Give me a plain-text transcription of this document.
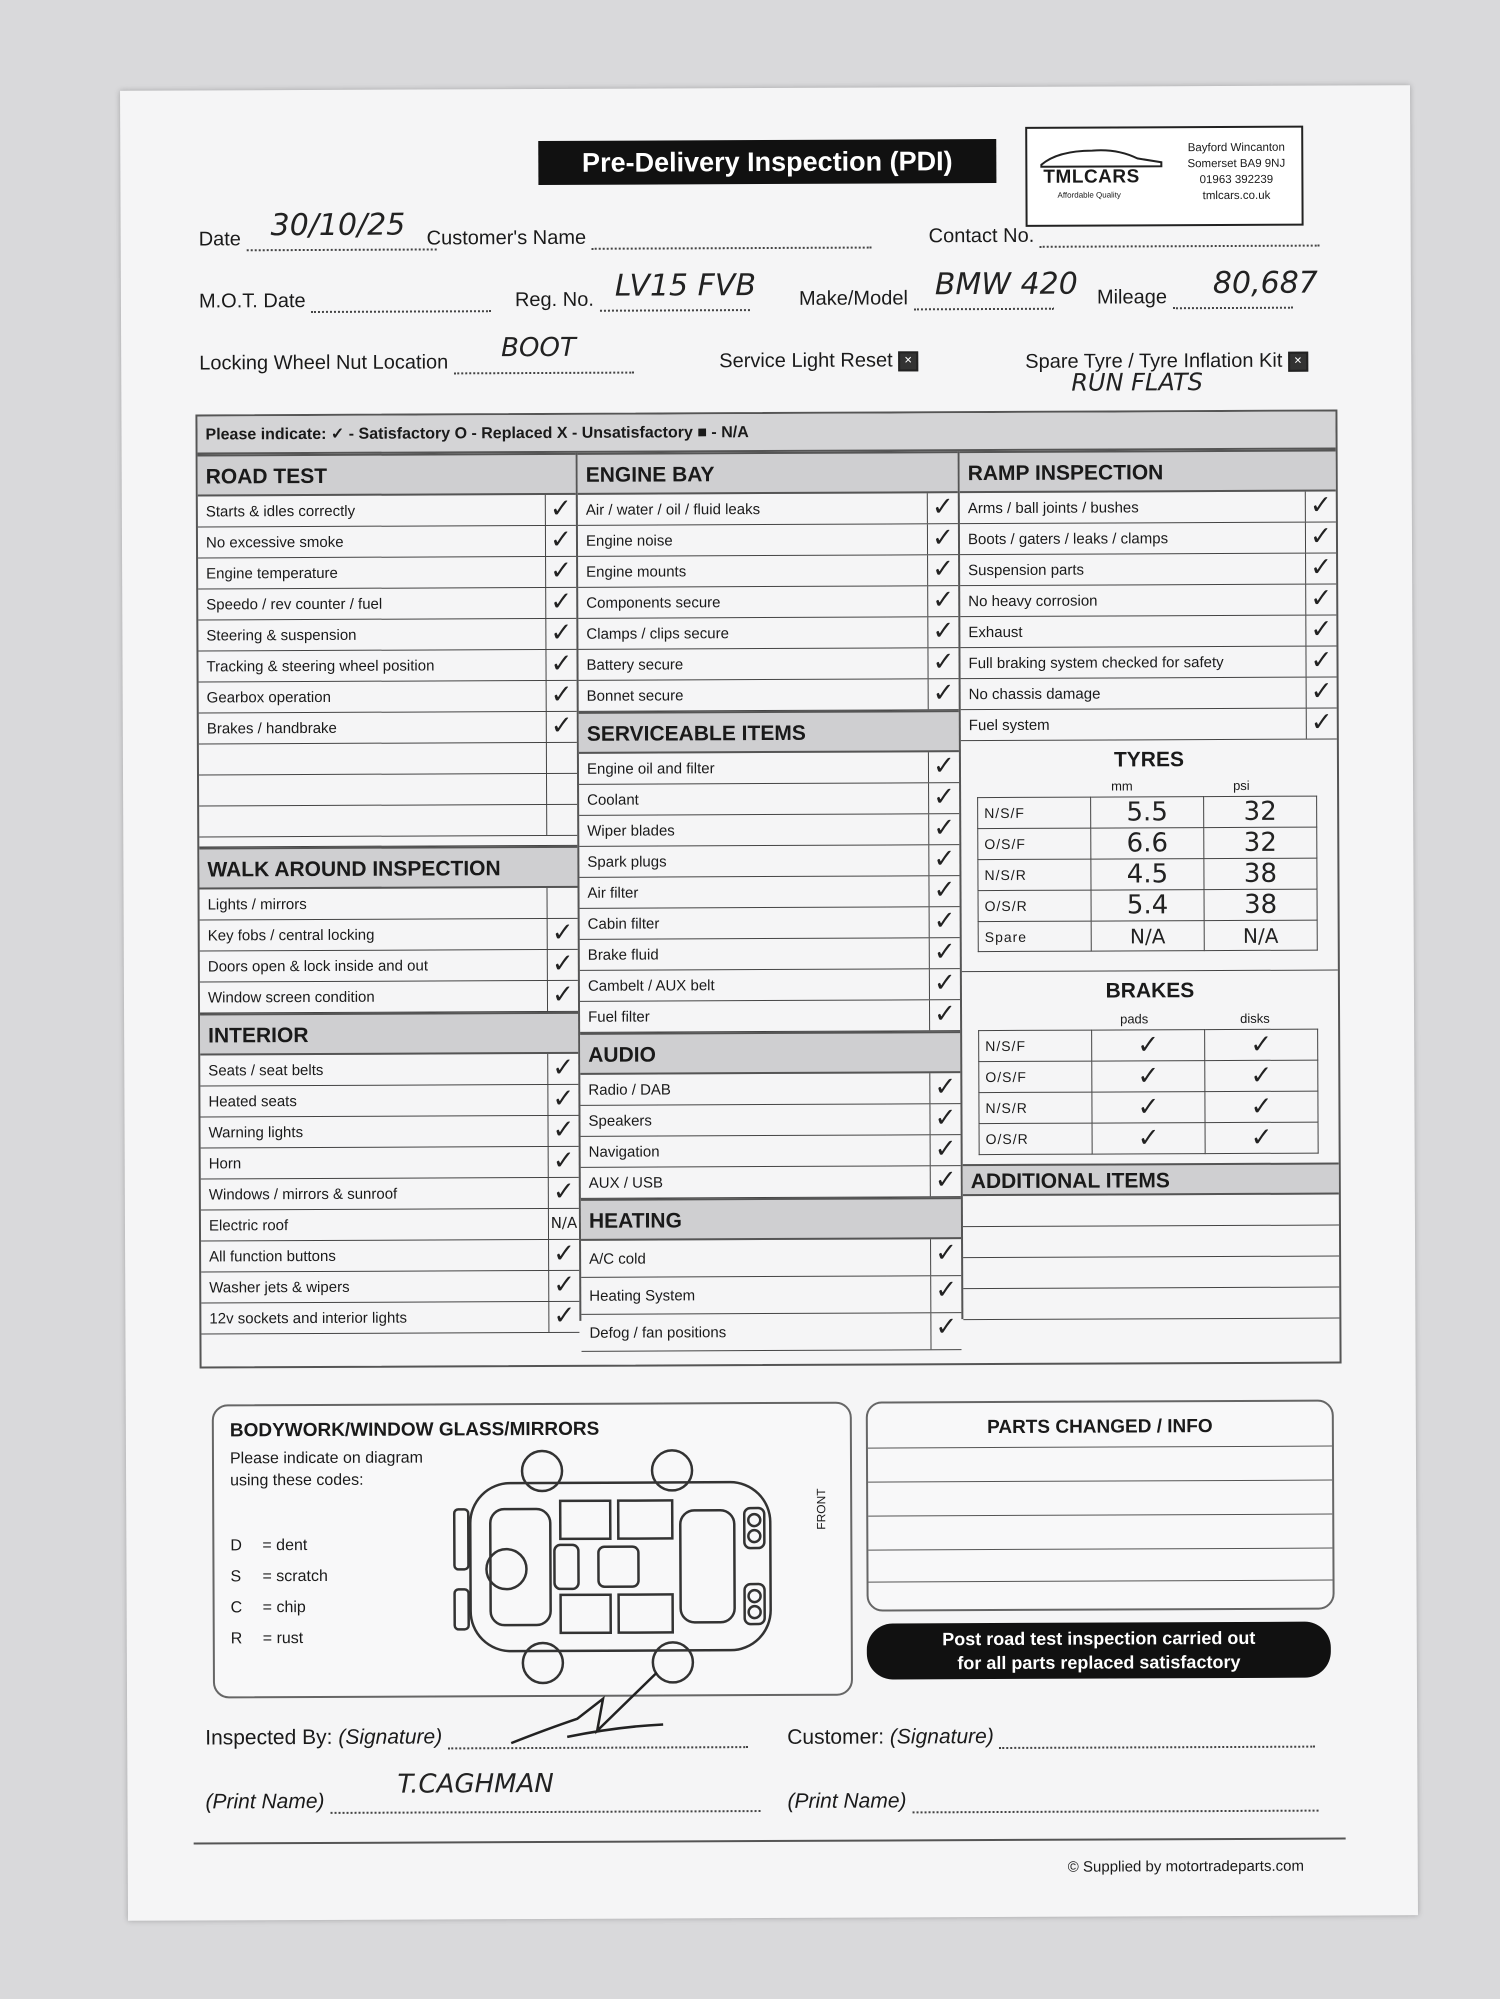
Pre-Delivery Inspection (PDI)	TMLCARS
Affordable Quality
Bayford Wincanton
Somerset BA9 9NJ
01963 392239
tmlcars.co.uk
Date 30/10/25 Customer's Name	Contact No.
M.O.T. Date	Reg. No. LV15 FVB Make/Model BMW 420 Mileage	80,687
Locking Wheel Nut Location	BOOT	Service Light Reset ✕	Spare Tyre / Tyre Inflation Kit ✕
RUN FLATS
Please indicate: ✓ - Satisfactory O - Replaced X - Unsatisfactory ■ - N/A
ROAD TEST
Starts & idles correctly	✓
No excessive smoke	✓
Engine temperature	✓
Speedo / rev counter / fuel	✓
Steering & suspension	✓
Tracking & steering wheel position	✓
Gearbox operation	✓
Brakes / handbrake	✓
WALK AROUND INSPECTION
Lights / mirrors
Key fobs / central locking	✓
Doors open & lock inside and out	✓
Window screen condition	✓
INTERIOR
Seats / seat belts	✓
Heated seats	✓
Warning lights	✓
Horn	✓
Windows / mirrors & sunroof	✓
Electric roof	N/A
All function buttons	✓
Washer jets & wipers	✓
12v sockets and interior lights	✓
ENGINE BAY
Air / water / oil / fluid leaks	✓
Engine noise	✓
Engine mounts	✓
Components secure	✓
Clamps / clips secure	✓
Battery secure	✓
Bonnet secure	✓
SERVICEABLE ITEMS
Engine oil and filter	✓
Coolant	✓
Wiper blades	✓
Spark plugs	✓
Air filter	✓
Cabin filter	✓
Brake fluid	✓
Cambelt / AUX belt	✓
Fuel filter	✓
AUDIO
Radio / DAB	✓
Speakers	✓
Navigation	✓
AUX / USB	✓
HEATING
A/C cold	✓
Heating System	✓
Defog / fan positions	✓
RAMP INSPECTION
Arms / ball joints / bushes	✓
Boots / gaters / leaks / clamps	✓
Suspension parts	✓
No heavy corrosion	✓
Exhaust	✓
Full braking system checked for safety	✓
No chassis damage	✓
Fuel system	✓
TYRES
mm	psi
N/S/F	5.5	32
O/S/F	6.6	32
N/S/R	4.5	38
O/S/R	5.4	38
Spare	N/A	N/A
BRAKES
pads	disks
N/S/F	✓	✓
O/S/F	✓	✓
N/S/R	✓	✓
O/S/R	✓	✓
ADDITIONAL ITEMS
BODYWORK/WINDOW GLASS/MIRRORS
Please indicate on diagram
using these codes:
D = dent
S = scratch
C = chip
R = rust
FRONT
PARTS CHANGED / INFO
Post road test inspection carried out
for all parts replaced satisfactory
Inspected By: (Signature)	Customer: (Signature)
(Print Name)
T.CAGHMAN
(Print Name)
© Supplied by motortradeparts.com
